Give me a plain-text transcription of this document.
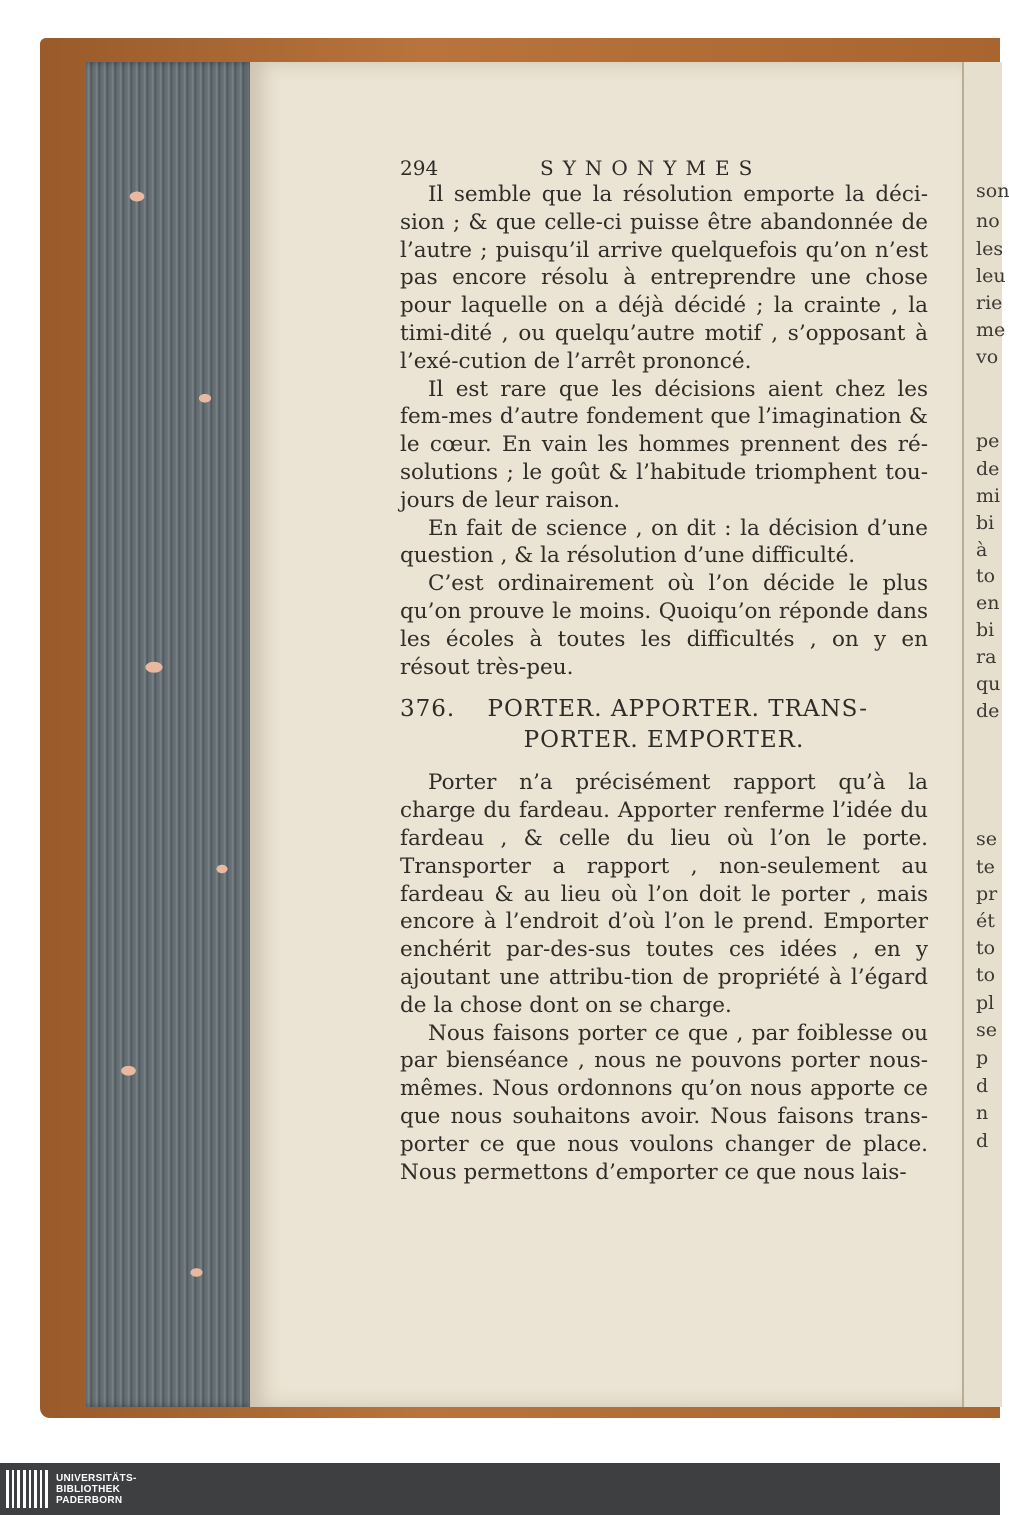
son
no
les
leu
rie
me
vo
pe
de
mi
bi
à
to
en
bi
ra
qu
de
se
te
pr
ét
to
to
pl
se
p
d
n
d
294	SYNONYMES

Il semble que la résolution emporte la déci-sion ; & que celle-ci puisse être abandonnée de l’autre ; puisqu’il arrive quelquefois qu’on n’est pas encore résolu à entreprendre une chose pour laquelle on a déjà décidé ; la crainte , la timi-dité , ou quelqu’autre motif , s’opposant à l’exé-cution de l’arrêt prononcé.

Il est rare que les décisions aient chez les fem-mes d’autre fondement que l’imagination & le cœur. En vain les hommes prennent des ré-solutions ; le goût & l’habitude triomphent tou-jours de leur raison.

En fait de science , on dit : la décision d’une question , & la résolution d’une difficulté.

C’est ordinairement où l’on décide le plus qu’on prouve le moins. Quoiqu’on réponde dans les écoles à toutes les difficultés , on y en résout très-peu.

376. PORTER. APPORTER. TRANS-
PORTER. EMPORTER.

Porter n’a précisément rapport qu’à la charge du fardeau. Apporter renferme l’idée du fardeau , & celle du lieu où l’on le porte. Transporter a rapport , non-seulement au fardeau & au lieu où l’on doit le porter , mais encore à l’endroit d’où l’on le prend. Emporter enchérit par-des-sus toutes ces idées , en y ajoutant une attribu-tion de propriété à l’égard de la chose dont on se charge.

Nous faisons porter ce que , par foiblesse ou par bienséance , nous ne pouvons porter nous-mêmes. Nous ordonnons qu’on nous apporte ce que nous souhaitons avoir. Nous faisons trans-porter ce que nous voulons changer de place. Nous permettons d’emporter ce que nous lais-

UNIVERSITÄTS-
BIBLIOTHEK
PADERBORN
